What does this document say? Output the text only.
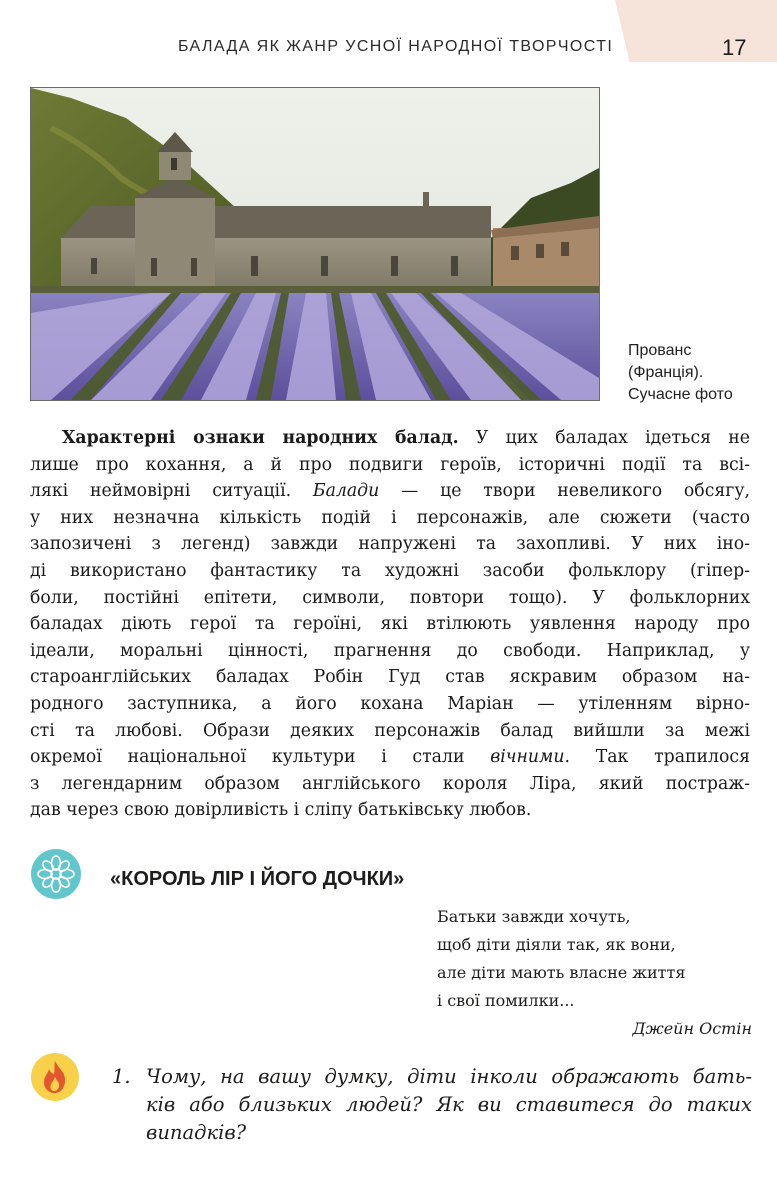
БАЛАДА ЯК ЖАНР УСНОЇ НАРОДНОЇ ТВОРЧОСТІ	17
Прованс
(Франція).
Сучасне фото
Характерні ознаки народних балад. У цих баладах ідеться не
лише про кохання, а й про подвиги героїв, історичні події та всі-
лякі неймовірні ситуації. Балади — це твори невеликого обсягу,
у них незначна кількість подій і персонажів, але сюжети (часто
запозичені з легенд) завжди напружені та захопливі. У них іно-
ді використано фантастику та художні засоби фольклору (гіпер-
боли, постійні епітети, символи, повтори тощо). У фольклорних
баладах діють герої та героїні, які втілюють уявлення народу про
ідеали, моральні цінності, прагнення до свободи. Наприклад, у
староанглійських баладах Робін Гуд став яскравим образом на-
родного заступника, а його кохана Маріан — утіленням вірно-
сті та любові. Образи деяких персонажів балад вийшли за межі
окремої національної культури і стали вічними. Так трапилося
з легендарним образом англійського короля Ліра, який постраж-
дав через свою довірливість і сліпу батьківську любов.
«КОРОЛЬ ЛІР І ЙОГО ДОЧКИ»
Батьки завжди хочуть,
щоб діти діяли так, як вони,
але діти мають власне життя
і свої помилки...
Джейн Остін
1. Чому, на вашу думку, діти інколи ображають бать-
ків або близьких людей? Як ви ставитеся до таких
випадків?
